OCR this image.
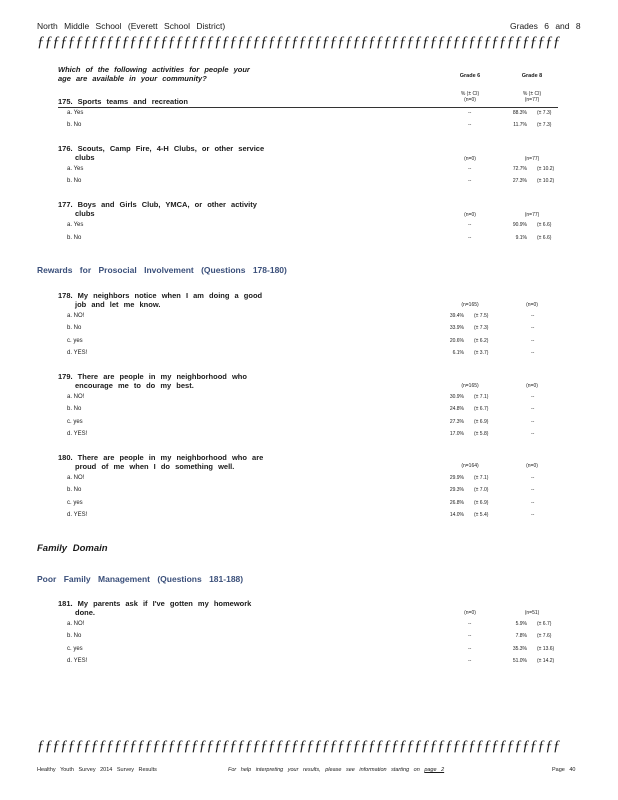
North Middle School (Everett School District)	Grades 6 and 8
ƒƒƒƒƒƒƒƒƒƒƒƒƒƒƒƒƒƒƒƒƒƒƒƒƒƒƒƒƒƒƒƒƒƒƒƒƒƒƒƒƒƒƒƒƒƒƒƒƒƒƒƒƒƒƒƒƒƒƒƒƒƒƒƒƒƒƒƒ
Which of the following activities for people your
age are available in your community?	Grade 6	Grade 8
% (± CI)
(n=0)
% (± CI)
(n=77)
175. Sports teams and recreation
a. Yes	--	88.3% (± 7.3)
b. No	--	11.7% (± 7.3)
176. Scouts, Camp Fire, 4-H Clubs, or other service
clubs	(n=0)	(n=77)
a. Yes	--	72.7% (± 10.2)
b. No	--	27.3% (± 10.2)
177. Boys and Girls Club, YMCA, or other activity
clubs	(n=0)	(n=77)
a. Yes	--	90.9% (± 6.6)
b. No	--	9.1% (± 6.6)
Rewards for Prosocial Involvement (Questions 178-180)
178. My neighbors notice when I am doing a good
job and let me know.	(n=165)	(n=0)
a. NO!	39.4% (± 7.5)	--
b. No	33.9% (± 7.3)	--
c. yes	20.6% (± 6.2)	--
d. YES!	6.1% (± 3.7)	--
179. There are people in my neighborhood who
encourage me to do my best.	(n=165)	(n=0)
a. NO!	30.9% (± 7.1)	--
b. No	24.8% (± 6.7)	--
c. yes	27.3% (± 6.9)	--
d. YES!	17.0% (± 5.8)	--
180. There are people in my neighborhood who are
proud of me when I do something well.	(n=164)	(n=0)
a. NO!	29.9% (± 7.1)	--
b. No	29.3% (± 7.0)	--
c. yes	26.8% (± 6.9)	--
d. YES!	14.0% (± 5.4)	--
Family Domain
Poor Family Management (Questions 181-188)
181. My parents ask if I've gotten my homework
done.	(n=0)	(n=51)
a. NO!	--	5.9% (± 6.7)
b. No	--	7.8% (± 7.6)
c. yes	--	35.3% (± 13.6)
d. YES!	--	51.0% (± 14.2)
ƒƒƒƒƒƒƒƒƒƒƒƒƒƒƒƒƒƒƒƒƒƒƒƒƒƒƒƒƒƒƒƒƒƒƒƒƒƒƒƒƒƒƒƒƒƒƒƒƒƒƒƒƒƒƒƒƒƒƒƒƒƒƒƒƒƒƒƒ
Healthy Youth Survey 2014 Survey Results	For help interpreting your results, please see information starting on page 2	Page 40
